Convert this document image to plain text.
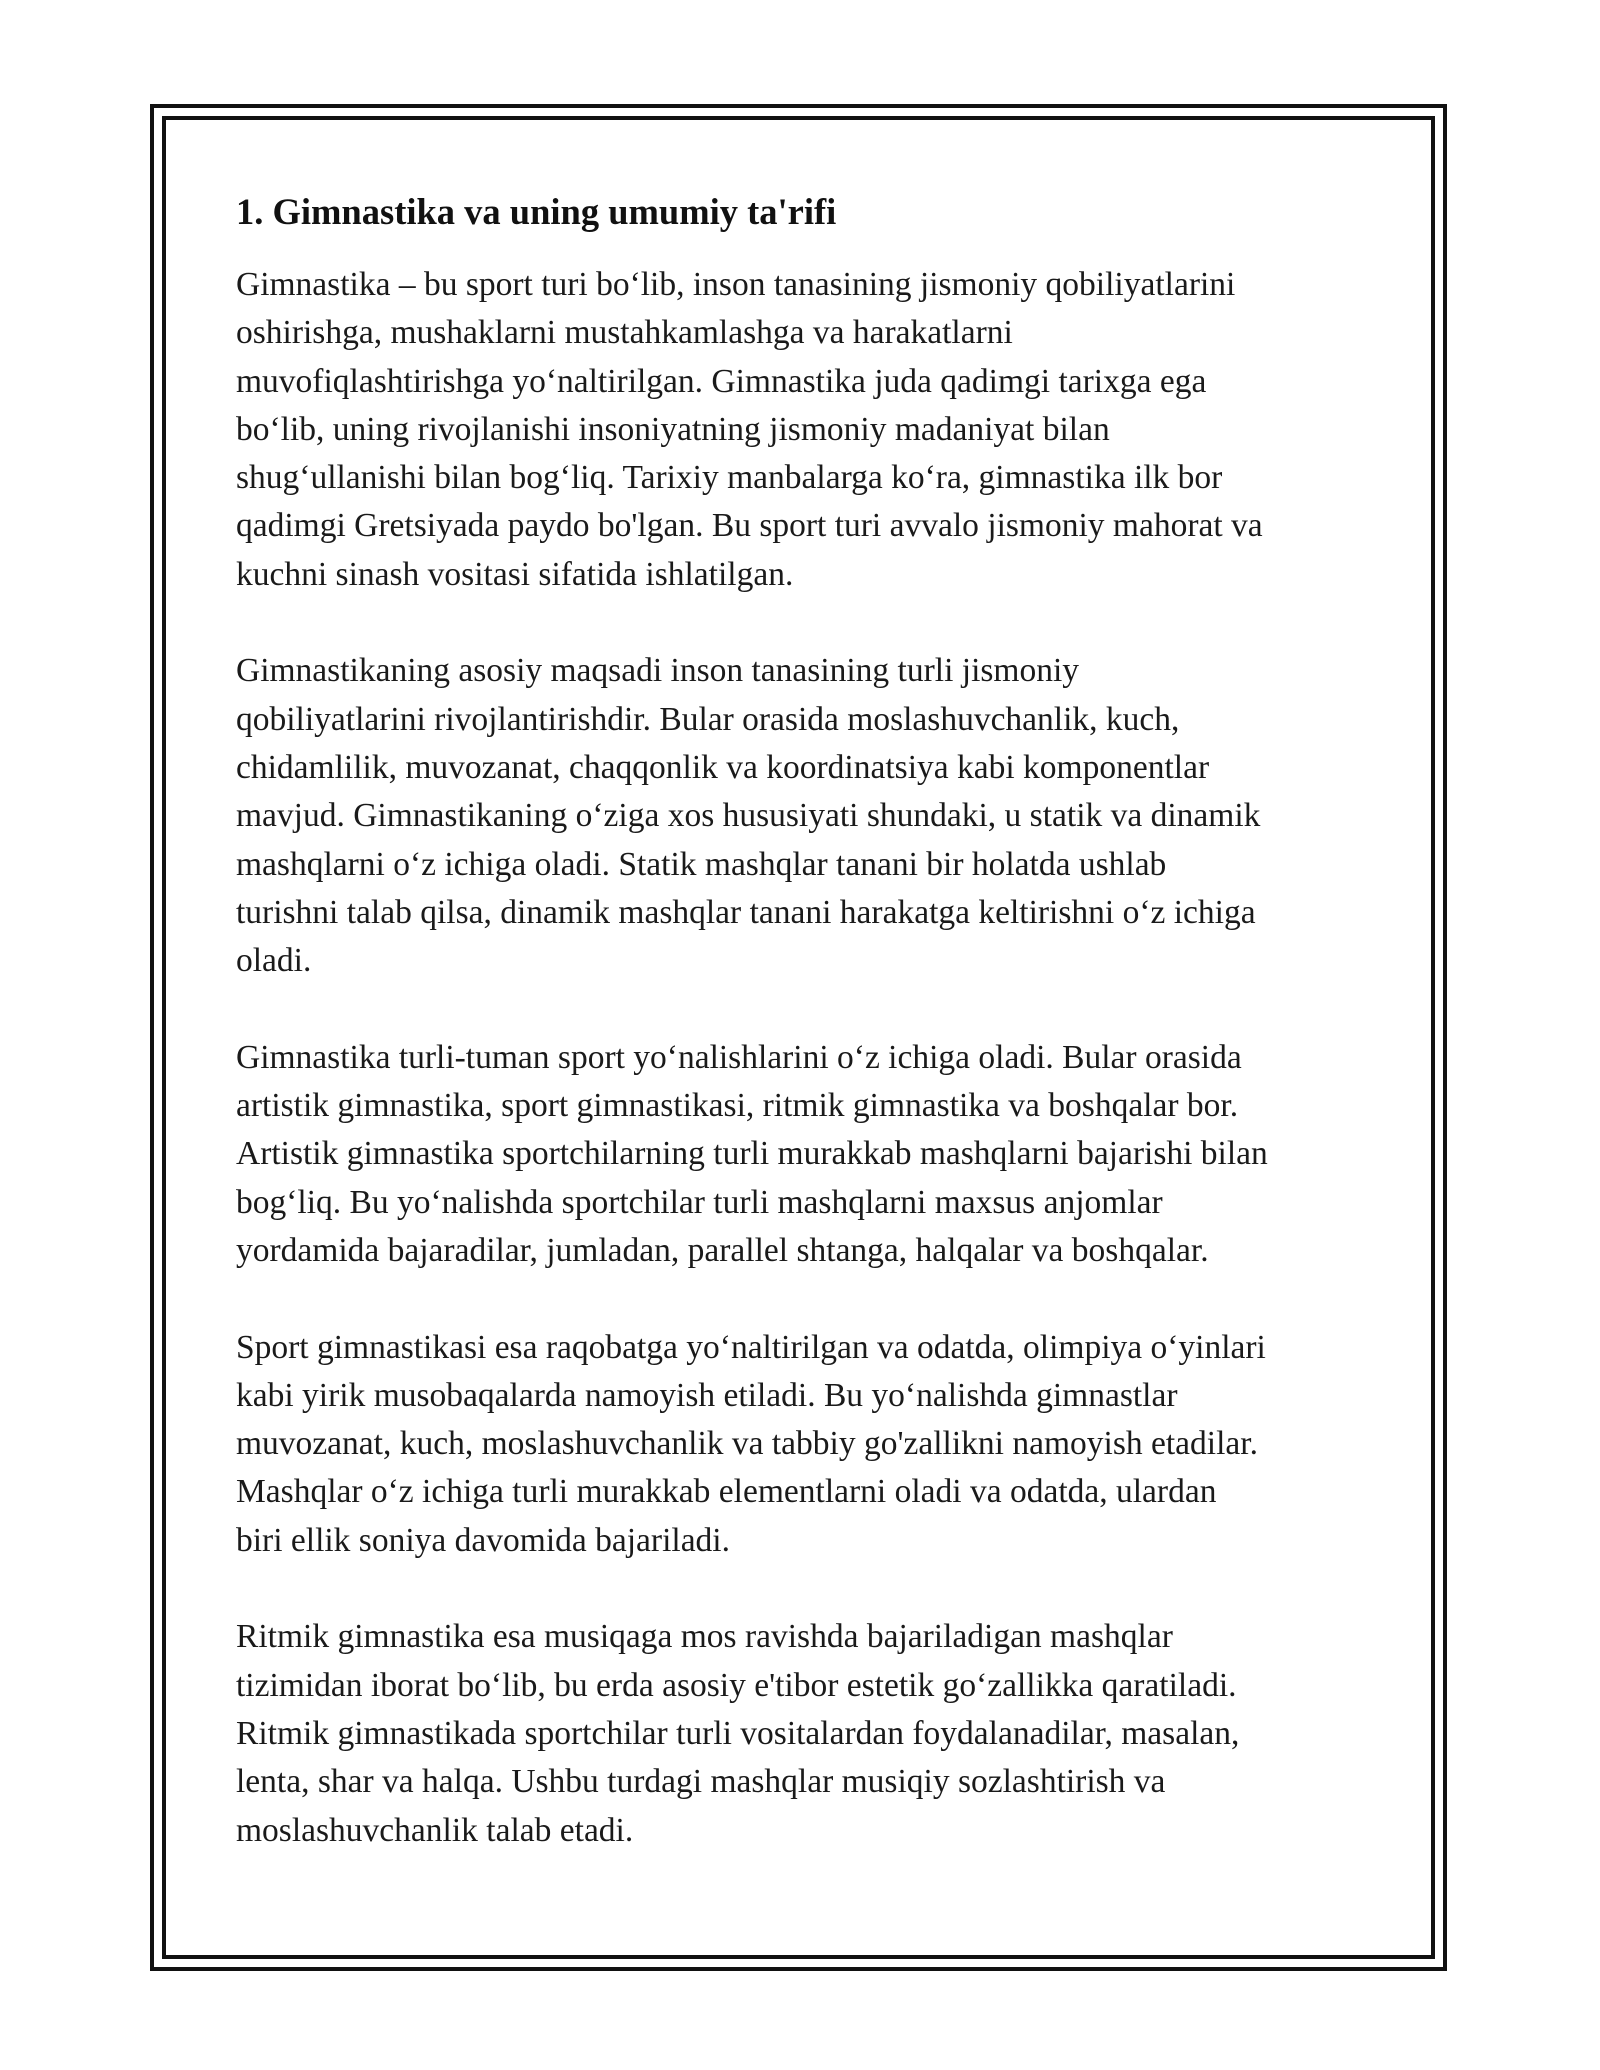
1. Gimnastika va uning umumiy ta'rifi

Gimnastika – bu sport turi bo‘lib, inson tanasining jismoniy qobiliyatlarini
oshirishga, mushaklarni mustahkamlashga va harakatlarni
muvofiqlashtirishga yo‘naltirilgan. Gimnastika juda qadimgi tarixga ega
bo‘lib, uning rivojlanishi insoniyatning jismoniy madaniyat bilan
shug‘ullanishi bilan bog‘liq. Tarixiy manbalarga ko‘ra, gimnastika ilk bor
qadimgi Gretsiyada paydo bo'lgan. Bu sport turi avvalo jismoniy mahorat va
kuchni sinash vositasi sifatida ishlatilgan.

Gimnastikaning asosiy maqsadi inson tanasining turli jismoniy
qobiliyatlarini rivojlantirishdir. Bular orasida moslashuvchanlik, kuch,
chidamlilik, muvozanat, chaqqonlik va koordinatsiya kabi komponentlar
mavjud. Gimnastikaning o‘ziga xos hususiyati shundaki, u statik va dinamik
mashqlarni o‘z ichiga oladi. Statik mashqlar tanani bir holatda ushlab
turishni talab qilsa, dinamik mashqlar tanani harakatga keltirishni o‘z ichiga
oladi.

Gimnastika turli-tuman sport yo‘nalishlarini o‘z ichiga oladi. Bular orasida
artistik gimnastika, sport gimnastikasi, ritmik gimnastika va boshqalar bor.
Artistik gimnastika sportchilarning turli murakkab mashqlarni bajarishi bilan
bog‘liq. Bu yo‘nalishda sportchilar turli mashqlarni maxsus anjomlar
yordamida bajaradilar, jumladan, parallel shtanga, halqalar va boshqalar.

Sport gimnastikasi esa raqobatga yo‘naltirilgan va odatda, olimpiya o‘yinlari
kabi yirik musobaqalarda namoyish etiladi. Bu yo‘nalishda gimnastlar
muvozanat, kuch, moslashuvchanlik va tabbiy go'zallikni namoyish etadilar.
Mashqlar o‘z ichiga turli murakkab elementlarni oladi va odatda, ulardan
biri ellik soniya davomida bajariladi.

Ritmik gimnastika esa musiqaga mos ravishda bajariladigan mashqlar
tizimidan iborat bo‘lib, bu erda asosiy e'tibor estetik go‘zallikka qaratiladi.
Ritmik gimnastikada sportchilar turli vositalardan foydalanadilar, masalan,
lenta, shar va halqa. Ushbu turdagi mashqlar musiqiy sozlashtirish va
moslashuvchanlik talab etadi.
